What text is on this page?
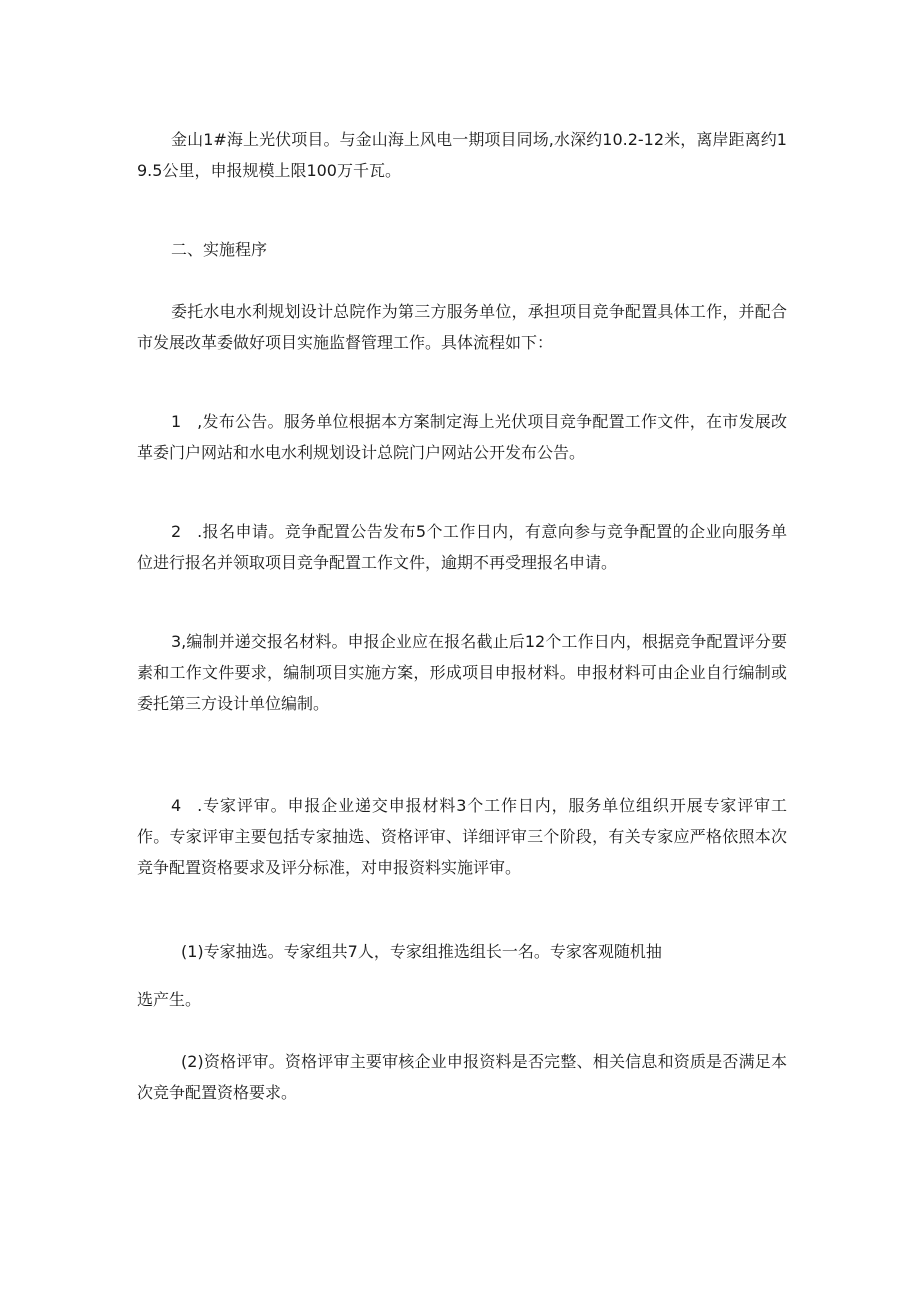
金山1#海上光伏项目。与金山海上风电一期项目同场,水深约10.2-12米，离岸距离约19.5公里，申报规模上限100万千瓦。

二、实施程序

委托水电水利规划设计总院作为第三方服务单位，承担项目竞争配置具体工作，并配合市发展改革委做好项目实施监督管理工作。具体流程如下：

1 ,发布公告。服务单位根据本方案制定海上光伏项目竞争配置工作文件，在市发展改革委门户网站和水电水利规划设计总院门户网站公开发布公告。

2 .报名申请。竞争配置公告发布5个工作日内，有意向参与竞争配置的企业向服务单位进行报名并领取项目竞争配置工作文件，逾期不再受理报名申请。

3,编制并递交报名材料。申报企业应在报名截止后12个工作日内，根据竞争配置评分要素和工作文件要求，编制项目实施方案，形成项目申报材料。申报材料可由企业自行编制或委托第三方设计单位编制。

4 .专家评审。申报企业递交申报材料3个工作日内，服务单位组织开展专家评审工作。专家评审主要包括专家抽选、资格评审、详细评审三个阶段，有关专家应严格依照本次竞争配置资格要求及评分标准，对申报资料实施评审。

(1)专家抽选。专家组共7人，专家组推选组长一名。专家客观随机抽

选产生。

(2)资格评审。资格评审主要审核企业申报资料是否完整、相关信息和资质是否满足本次竞争配置资格要求。
